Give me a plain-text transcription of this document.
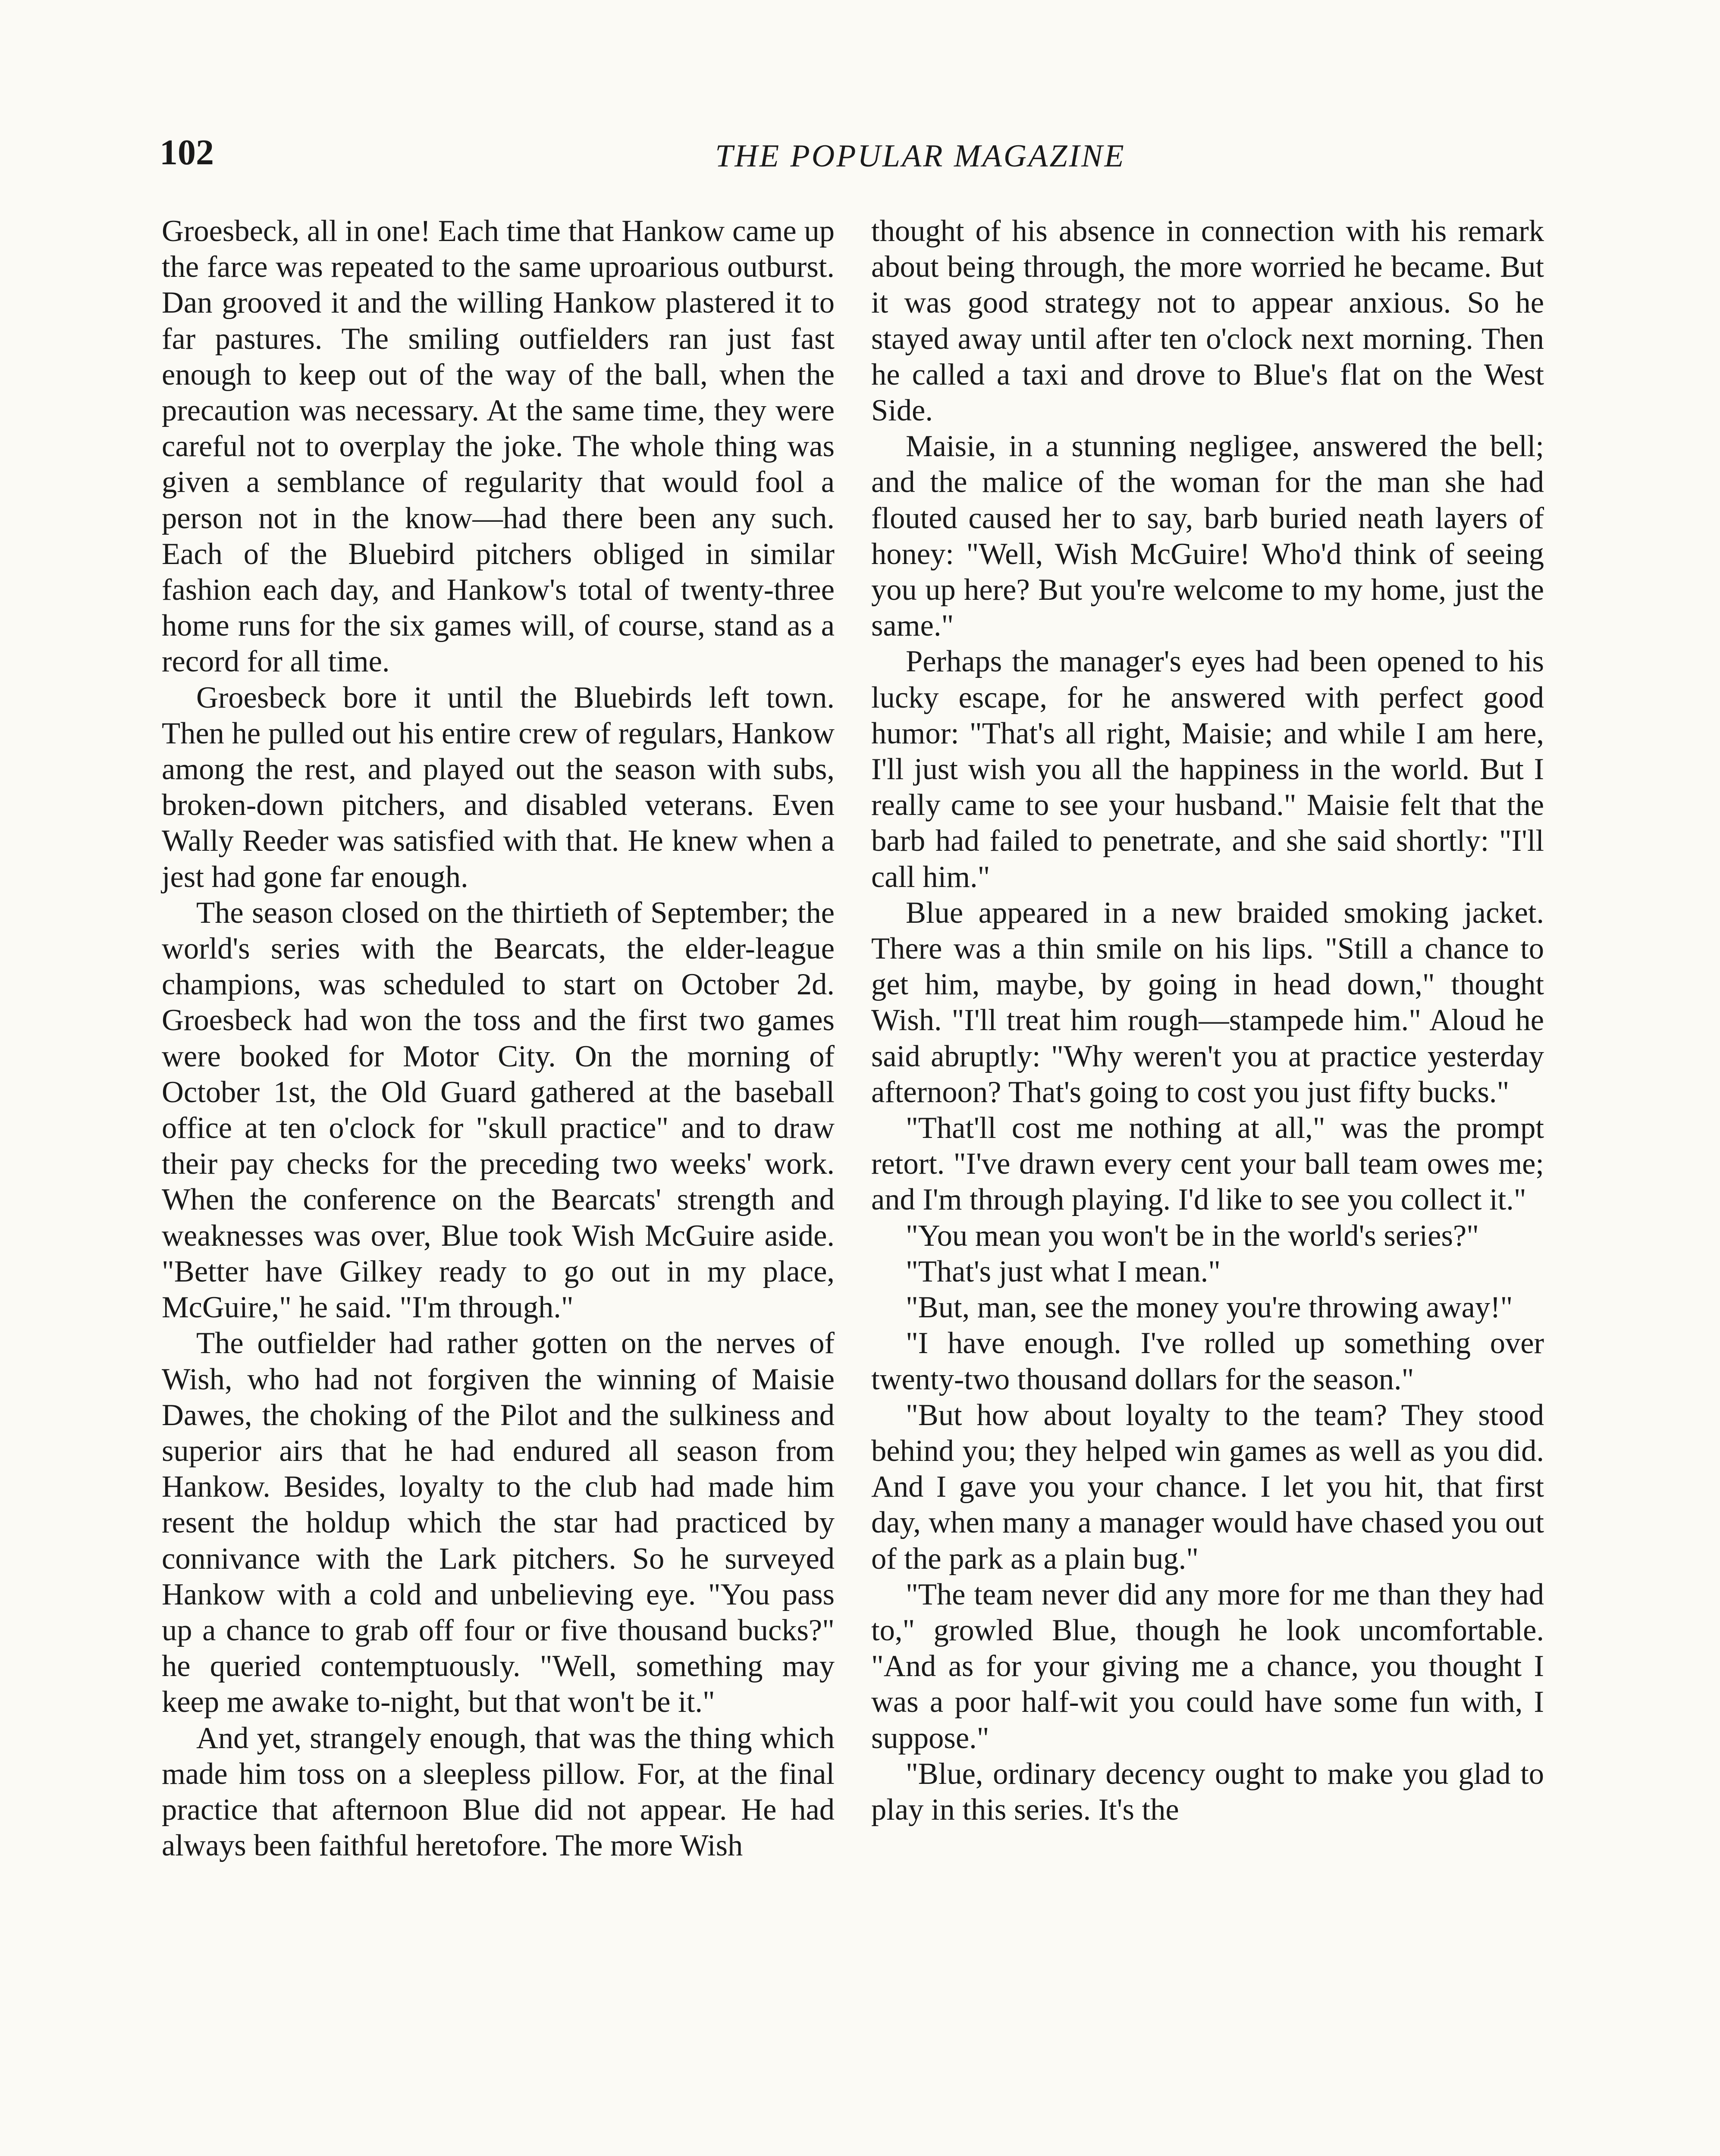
102	THE POPULAR MAGAZINE

Groesbeck, all in one! Each time that Hankow came up the farce was repeated to the same uproarious outburst. Dan grooved it and the willing Hankow plastered it to far pastures. The smiling outfielders ran just fast enough to keep out of the way of the ball, when the precaution was necessary. At the same time, they were careful not to overplay the joke. The whole thing was given a semblance of regularity that would fool a person not in the know—had there been any such. Each of the Bluebird pitchers obliged in similar fashion each day, and Hankow's total of twenty-three home runs for the six games will, of course, stand as a record for all time.

Groesbeck bore it until the Bluebirds left town. Then he pulled out his entire crew of regulars, Hankow among the rest, and played out the season with subs, broken-down pitchers, and disabled veterans. Even Wally Reeder was satisfied with that. He knew when a jest had gone far enough.

The season closed on the thirtieth of September; the world's series with the Bearcats, the elder-league champions, was scheduled to start on October 2d. Groesbeck had won the toss and the first two games were booked for Motor City. On the morning of October 1st, the Old Guard gathered at the baseball office at ten o'clock for "skull practice" and to draw their pay checks for the preceding two weeks' work. When the conference on the Bearcats' strength and weaknesses was over, Blue took Wish McGuire aside. "Better have Gilkey ready to go out in my place, McGuire," he said. "I'm through."

The outfielder had rather gotten on the nerves of Wish, who had not forgiven the winning of Maisie Dawes, the choking of the Pilot and the sulkiness and superior airs that he had endured all season from Hankow. Besides, loyalty to the club had made him resent the holdup which the star had practiced by connivance with the Lark pitchers. So he surveyed Hankow with a cold and unbelieving eye. "You pass up a chance to grab off four or five thousand bucks?" he queried contemptuously. "Well, something may keep me awake to-night, but that won't be it."

And yet, strangely enough, that was the thing which made him toss on a sleepless pillow. For, at the final practice that afternoon Blue did not appear. He had always been faithful heretofore. The more Wish

thought of his absence in connection with his remark about being through, the more worried he became. But it was good strategy not to appear anxious. So he stayed away until after ten o'clock next morning. Then he called a taxi and drove to Blue's flat on the West Side.

Maisie, in a stunning negligee, answered the bell; and the malice of the woman for the man she had flouted caused her to say, barb buried neath layers of honey: "Well, Wish McGuire! Who'd think of seeing you up here? But you're welcome to my home, just the same."

Perhaps the manager's eyes had been opened to his lucky escape, for he answered with perfect good humor: "That's all right, Maisie; and while I am here, I'll just wish you all the happiness in the world. But I really came to see your husband." Maisie felt that the barb had failed to penetrate, and she said shortly: "I'll call him."

Blue appeared in a new braided smoking jacket. There was a thin smile on his lips. "Still a chance to get him, maybe, by going in head down," thought Wish. "I'll treat him rough—stampede him." Aloud he said abruptly: "Why weren't you at practice yesterday afternoon? That's going to cost you just fifty bucks."

"That'll cost me nothing at all," was the prompt retort. "I've drawn every cent your ball team owes me; and I'm through playing. I'd like to see you collect it."

"You mean you won't be in the world's series?"

"That's just what I mean."

"But, man, see the money you're throwing away!"

"I have enough. I've rolled up something over twenty-two thousand dollars for the season."

"But how about loyalty to the team? They stood behind you; they helped win games as well as you did. And I gave you your chance. I let you hit, that first day, when many a manager would have chased you out of the park as a plain bug."

"The team never did any more for me than they had to," growled Blue, though he look uncomfortable. "And as for your giving me a chance, you thought I was a poor half-wit you could have some fun with, I suppose."

"Blue, ordinary decency ought to make you glad to play in this series. It's the
